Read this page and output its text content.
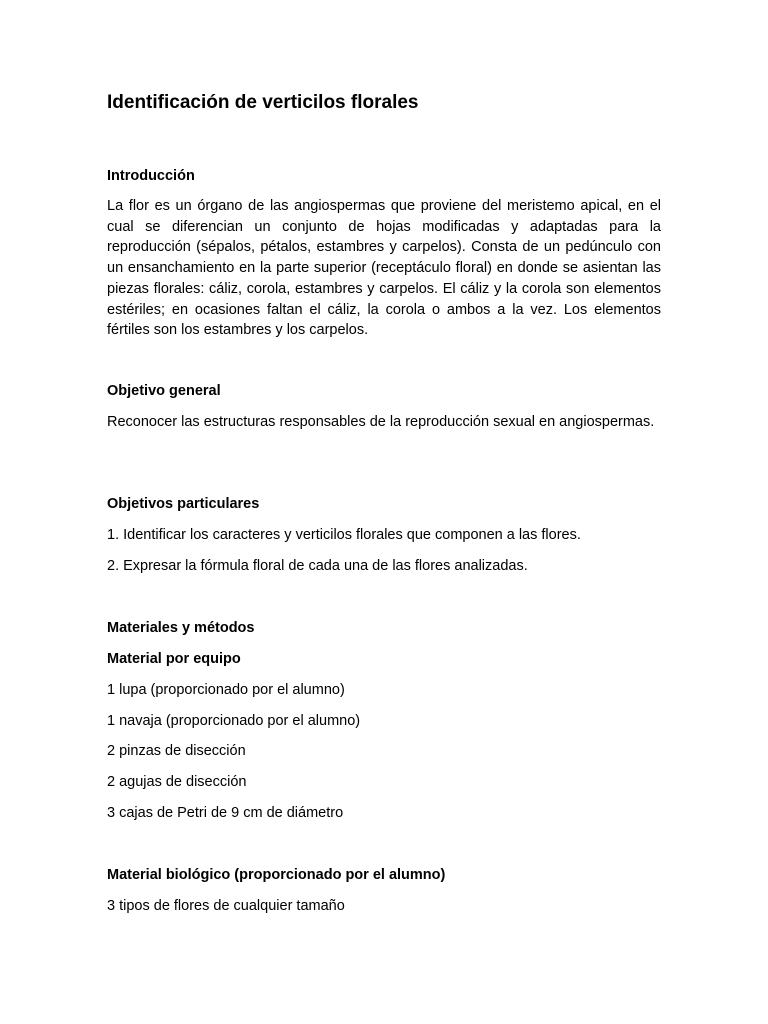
Identificación de verticilos florales
Introducción

La flor es un órgano de las angiospermas que proviene del meristemo apical, en el cual se diferencian un conjunto de hojas modificadas y adaptadas para la reproducción (sépalos, pétalos, estambres y carpelos). Consta de un pedúnculo con un ensanchamiento en la parte superior (receptáculo floral) en donde se asientan las piezas florales: cáliz, corola, estambres y carpelos. El cáliz y la corola son elementos estériles; en ocasiones faltan el cáliz, la corola o ambos a la vez. Los elementos fértiles son los estambres y los carpelos.

Objetivo general

Reconocer las estructuras responsables de la reproducción sexual en angiospermas.

Objetivos particulares

1. Identificar los caracteres y verticilos florales que componen a las flores.

2. Expresar la fórmula floral de cada una de las flores analizadas.

Materiales y métodos
Material por equipo

1 lupa (proporcionado por el alumno)

1 navaja (proporcionado por el alumno)

2 pinzas de disección

2 agujas de disección

3 cajas de Petri de 9 cm de diámetro

Material biológico (proporcionado por el alumno)

3 tipos de flores de cualquier tamaño
